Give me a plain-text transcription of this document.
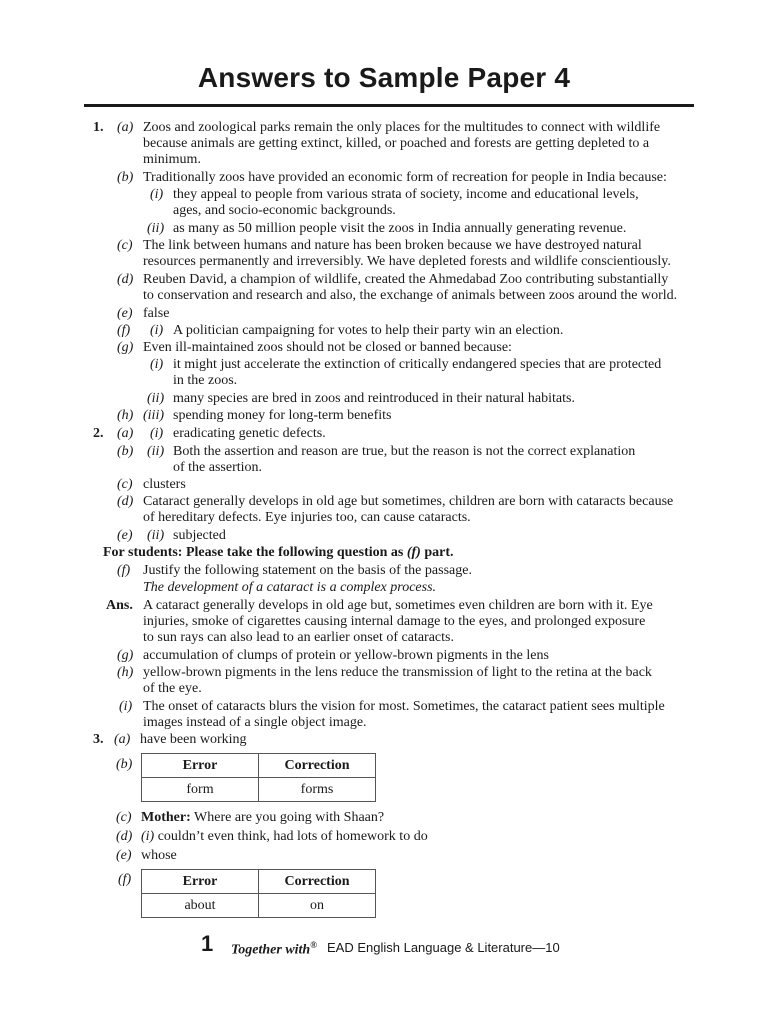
Answers to Sample Paper 4
1. (a) Zoos and zoological parks remain the only places for the multitudes to connect with wildlife
because animals are getting extinct, killed, or poached and forests are getting depleted to a
minimum.
(b) Traditionally zoos have provided an economic form of recreation for people in India because:
(i) they appeal to people from various strata of society, income and educational levels,
ages, and socio-economic backgrounds.
(ii) as many as 50 million people visit the zoos in India annually generating revenue.
(c) The link between humans and nature has been broken because we have destroyed natural
resources permanently and irreversibly. We have depleted forests and wildlife conscientiously.
(d) Reuben David, a champion of wildlife, created the Ahmedabad Zoo contributing substantially
to conservation and research and also, the exchange of animals between zoos around the world.
(e) false
(f) (i) A politician campaigning for votes to help their party win an election.
(g) Even ill-maintained zoos should not be closed or banned because:
(i) it might just accelerate the extinction of critically endangered species that are protected
in the zoos.
(ii) many species are bred in zoos and reintroduced in their natural habitats.
(h) (iii) spending money for long-term benefits
2. (a) (i) eradicating genetic defects.
(b) (ii) Both the assertion and reason are true, but the reason is not the correct explanation
of the assertion.
(c) clusters
(d) Cataract generally develops in old age but sometimes, children are born with cataracts because
of hereditary defects. Eye injuries too, can cause cataracts.
(e) (ii) subjected
For students: Please take the following question as (f) part.
(f) Justify the following statement on the basis of the passage.
The development of a cataract is a complex process.
Ans. A cataract generally develops in old age but, sometimes even children are born with it. Eye
injuries, smoke of cigarettes causing internal damage to the eyes, and prolonged exposure
to sun rays can also lead to an earlier onset of cataracts.
(g) accumulation of clumps of protein or yellow-brown pigments in the lens
(h) yellow-brown pigments in the lens reduce the transmission of light to the retina at the back
of the eye.
(i) The onset of cataracts blurs the vision for most. Sometimes, the cataract patient sees multiple
images instead of a single object image.
3. (a) have been working
(b)	Error	Correction
form	forms
(c) Mother: Where are you going with Shaan?
(d) (i) couldn’t even think, had lots of homework to do
(e) whose
(f)	Error	Correction
about	on
1 Together with® EAD English Language & Literature—10
